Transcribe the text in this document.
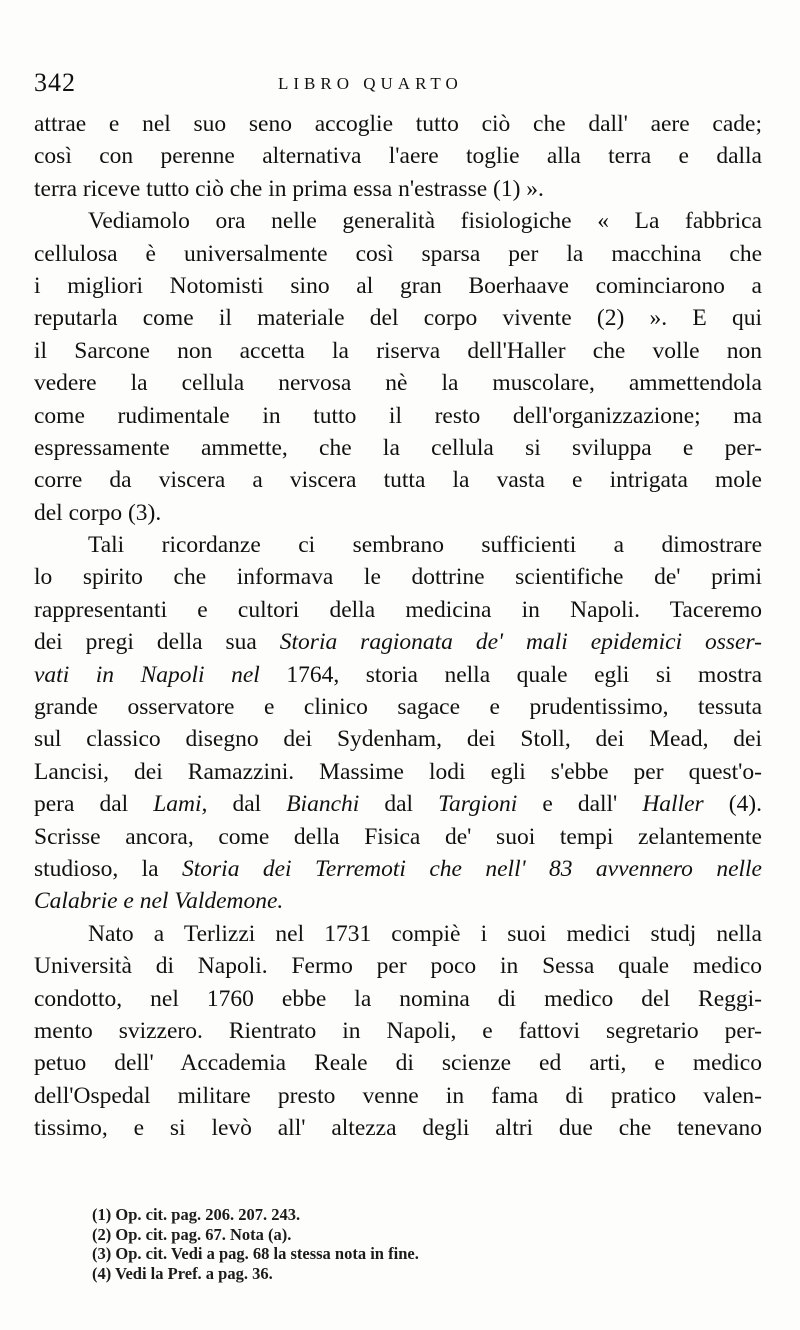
342	LIBRO QUARTO
attrae e nel suo seno accoglie tutto ciò che dall' aere cade;
così con perenne alternativa l'aere toglie alla terra e dalla
terra riceve tutto ciò che in prima essa n'estrasse (1) ».
Vediamolo ora nelle generalità fisiologiche « La fabbrica
cellulosa è universalmente così sparsa per la macchina che
i migliori Notomisti sino al gran Boerhaave cominciarono a
reputarla come il materiale del corpo vivente (2) ». E qui
il Sarcone non accetta la riserva dell'Haller che volle non
vedere la cellula nervosa nè la muscolare, ammettendola
come rudimentale in tutto il resto dell'organizzazione; ma
espressamente ammette, che la cellula si sviluppa e per-
corre da viscera a viscera tutta la vasta e intrigata mole
del corpo (3).
Tali ricordanze ci sembrano sufficienti a dimostrare
lo spirito che informava le dottrine scientifiche de' primi
rappresentanti e cultori della medicina in Napoli. Taceremo
dei pregi della sua Storia ragionata de' mali epidemici osser-
vati in Napoli nel 1764, storia nella quale egli si mostra
grande osservatore e clinico sagace e prudentissimo, tessuta
sul classico disegno dei Sydenham, dei Stoll, dei Mead, dei
Lancisi, dei Ramazzini. Massime lodi egli s'ebbe per quest'o-
pera dal Lami, dal Bianchi dal Targioni e dall' Haller (4).
Scrisse ancora, come della Fisica de' suoi tempi zelantemente
studioso, la Storia dei Terremoti che nell' 83 avvennero nelle
Calabrie e nel Valdemone.
Nato a Terlizzi nel 1731 compiè i suoi medici studj nella
Università di Napoli. Fermo per poco in Sessa quale medico
condotto, nel 1760 ebbe la nomina di medico del Reggi-
mento svizzero. Rientrato in Napoli, e fattovi segretario per-
petuo dell' Accademia Reale di scienze ed arti, e medico
dell'Ospedal militare presto venne in fama di pratico valen-
tissimo, e si levò all' altezza degli altri due che tenevano
(1) Op. cit. pag. 206. 207. 243.
(2) Op. cit. pag. 67. Nota (a).
(3) Op. cit. Vedi a pag. 68 la stessa nota in fine.
(4) Vedi la Pref. a pag. 36.
